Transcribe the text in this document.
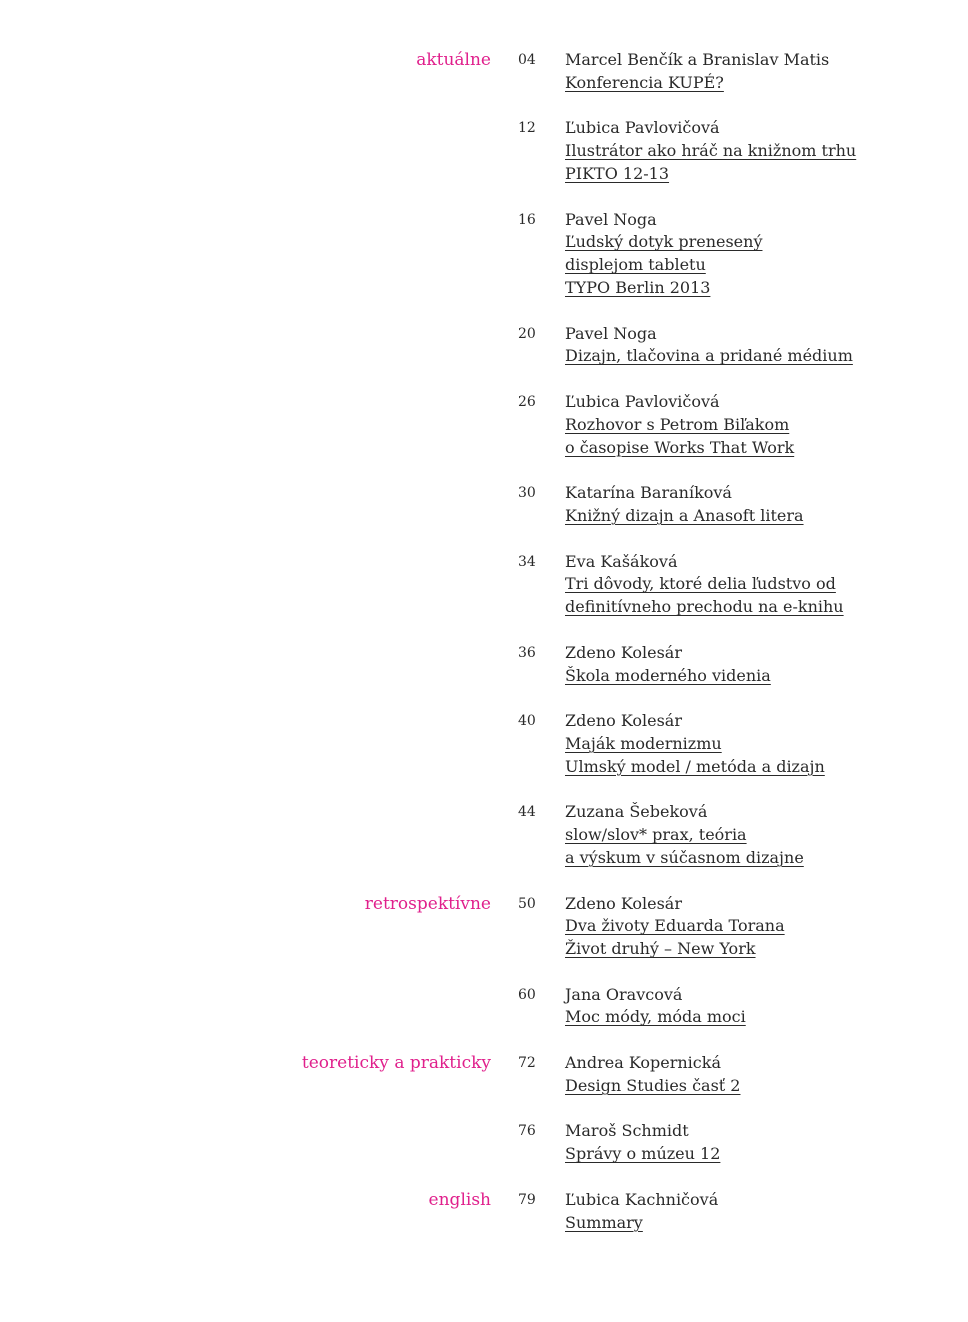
aktuálne 04 Marcel Benčík a Branislav Matis
Konferencia KUPÉ?
12 Ľubica Pavlovičová
Ilustrátor ako hráč na knižnom trhu
PIKTO 12-13
16 Pavel Noga
Ľudský dotyk prenesený
displejom tabletu
TYPO Berlin 2013
20 Pavel Noga
Dizajn, tlačovina a pridané médium
26 Ľubica Pavlovičová
Rozhovor s Petrom Biľakom
o časopise Works That Work
30 Katarína Baraníková
Knižný dizajn a Anasoft litera
34 Eva Kašáková
Tri dôvody, ktoré delia ľudstvo od
definitívneho prechodu na e-knihu
36 Zdeno Kolesár
Škola moderného videnia
40 Zdeno Kolesár
Maják modernizmu
Ulmský model / metóda a dizajn
44 Zuzana Šebeková
slow/slov* prax, teória
a výskum v súčasnom dizajne
retrospektívne 50 Zdeno Kolesár
Dva životy Eduarda Torana
Život druhý – New York
60 Jana Oravcová
Moc módy, móda moci
teoreticky a prakticky 72 Andrea Kopernická
Design Studies časť 2
76 Maroš Schmidt
Správy o múzeu 12
english 79 Ľubica Kachničová
Summary
